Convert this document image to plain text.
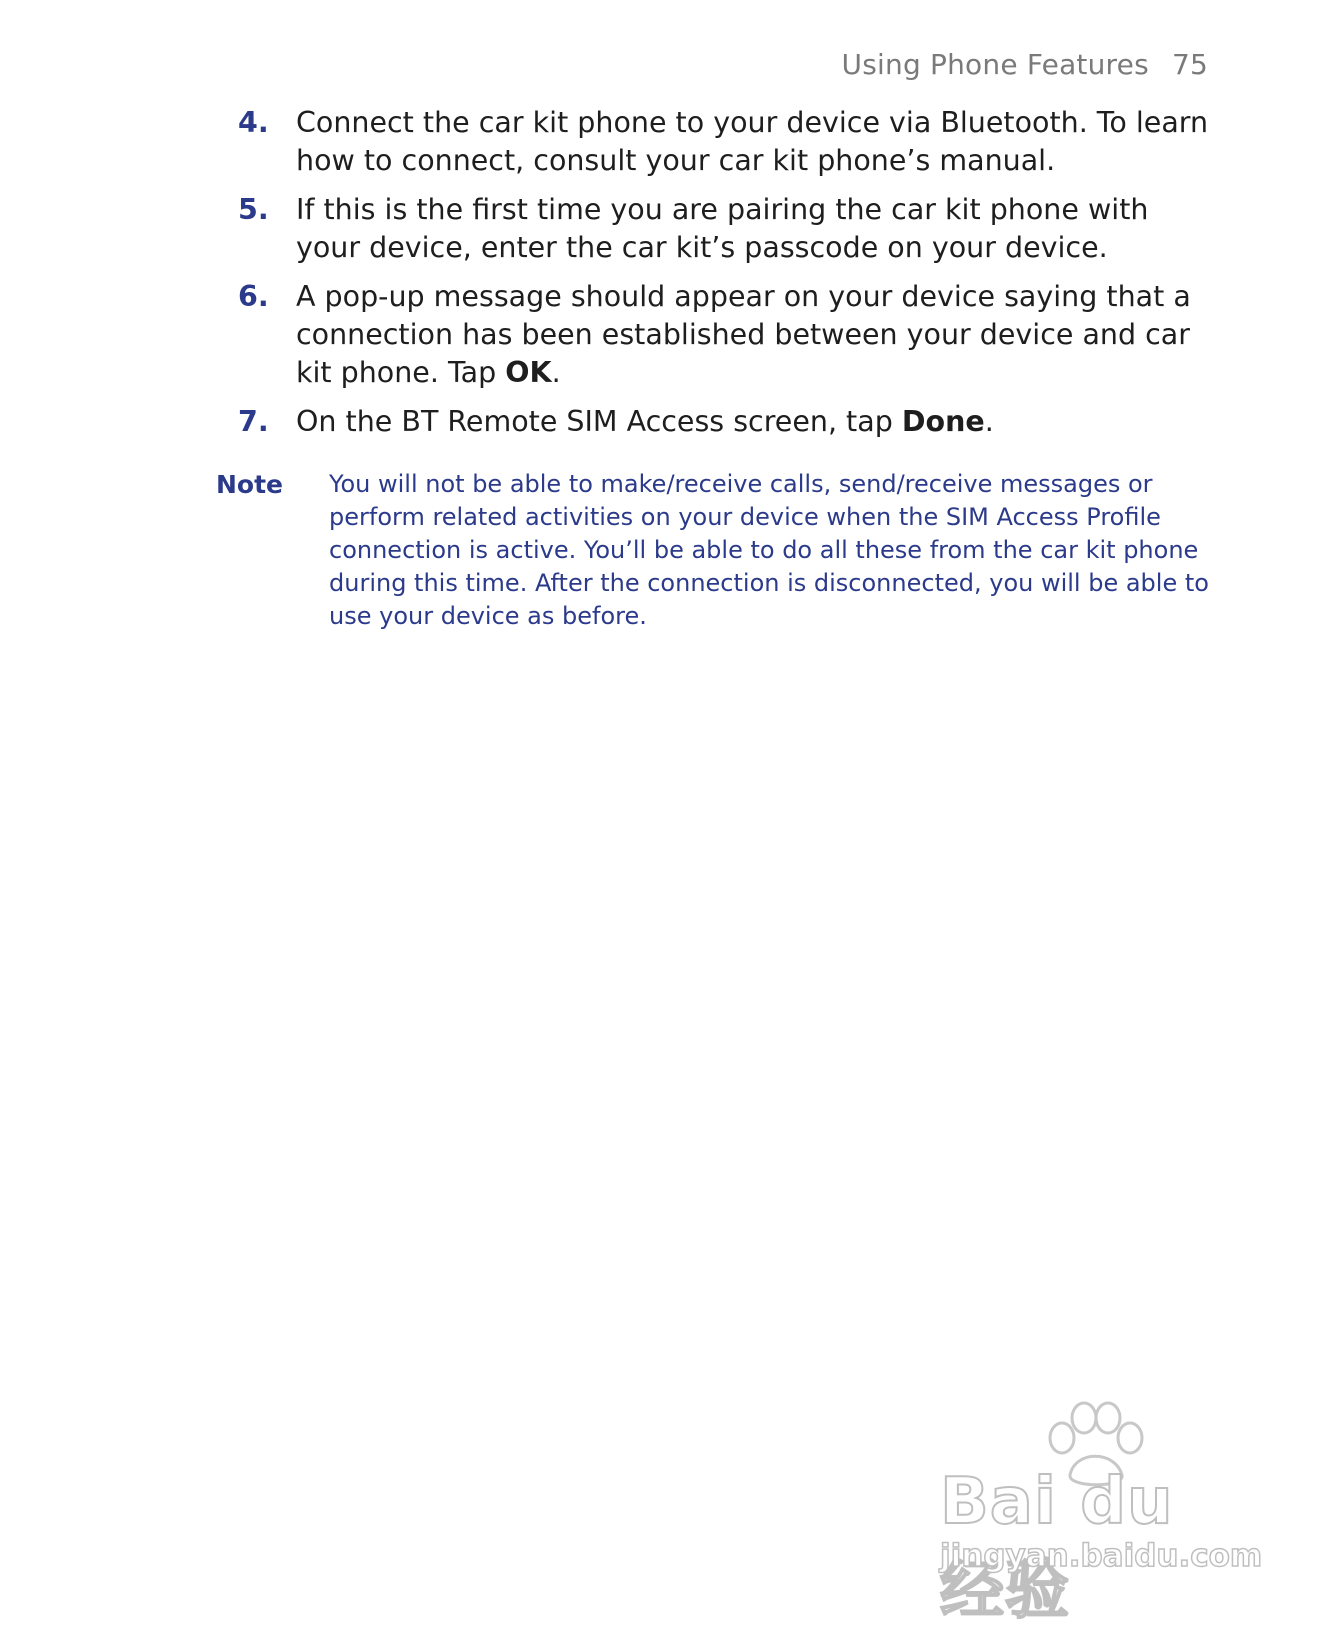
Using Phone Features 75
4. Connect the car kit phone to your device via Bluetooth. To learn how to connect, consult your car kit phone’s manual.
5. If this is the first time you are pairing the car kit phone with your device, enter the car kit’s passcode on your device.
6. A pop-up message should appear on your device saying that a connection has been established between your device and car kit phone. Tap OK.
7. On the BT Remote SIM Access screen, tap Done.
Note You will not be able to make/receive calls, send/receive messages or perform related activities on your device when the SIM Access Profile connection is active. You’ll be able to do all these from the car kit phone during this time. After the connection is disconnected, you will be able to use your device as before.
Bai du 经验
jingyan.baidu.com
